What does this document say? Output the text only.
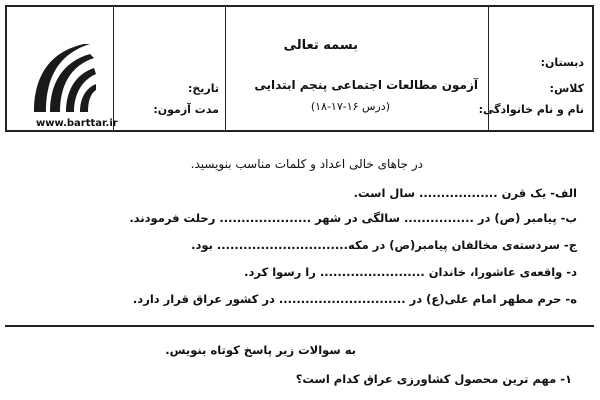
www.barttar.ir
بسمه تعالی
آزمون مطالعات اجتماعی پنجم ابتدایی
(درس ۱۶-۱۷-۱۸)
دبستان:
کلاس:
نام و نام خانوادگی:
تاریخ:
مدت آزمون:
در جاهای خالی اعداد و کلمات مناسب بنویسید.
الف- یک قرن .................. سال است.
ب- پیامبر (ص) در ................ سالگی در شهر ..................... رحلت فرمودند.
ج- سردسته‌ی مخالفان پیامبر(ص) در مکه.............................. بود.
د- واقعه‌ی عاشورا، خاندان ........................ را رسوا کرد.
ه- حرم مطهر امام علی(ع) در ............................. در کشور عراق قرار دارد.
به سوالات زیر پاسخ کوتاه بنویس.
۱- مهم ترین محصول کشاورزی عراق کدام است؟
